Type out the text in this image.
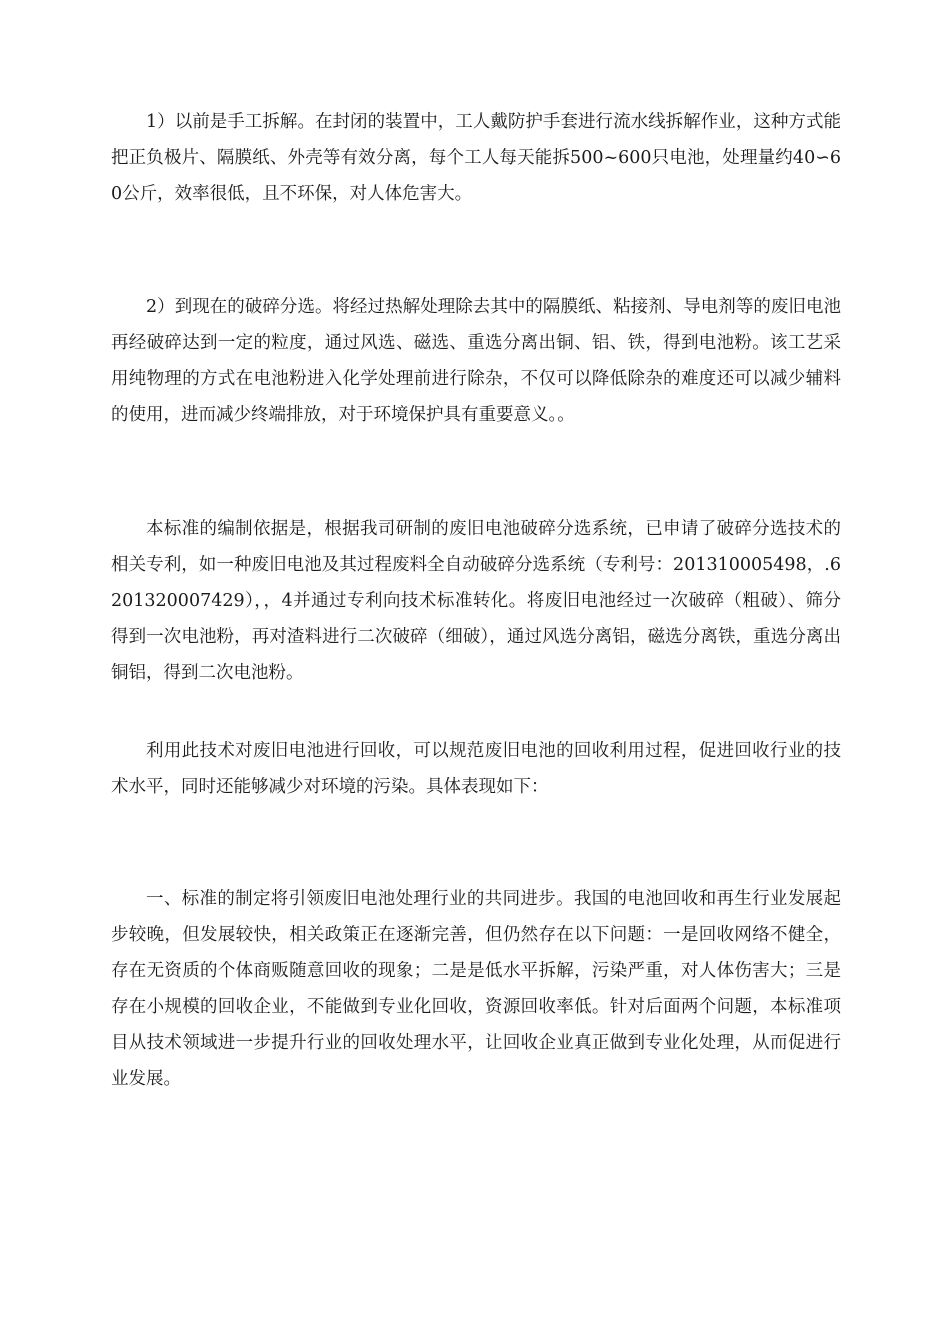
1）以前是手工拆解。在封闭的装置中，工人戴防护手套进行流水线拆解作业，这种方式能把正负极片、隔膜纸、外壳等有效分离，每个工人每天能拆500~600只电池，处理量约40∽60公斤，效率很低，且不环保，对人体危害大。

2）到现在的破碎分选。将经过热解处理除去其中的隔膜纸、粘接剂、导电剂等的废旧电池再经破碎达到一定的粒度，通过风选、磁选、重选分离出铜、铝、铁，得到电池粉。该工艺采用纯物理的方式在电池粉进入化学处理前进行除杂，不仅可以降低除杂的难度还可以减少辅料的使用，进而减少终端排放，对于环境保护具有重要意义。。

本标准的编制依据是，根据我司研制的废旧电池破碎分选系统，已申请了破碎分选技术的相关专利，如一种废旧电池及其过程废料全自动破碎分选系统（专利号：201310005498，.6201320007429），，4并通过专利向技术标准转化。将废旧电池经过一次破碎（粗破）、筛分得到一次电池粉，再对渣料进行二次破碎（细破），通过风选分离铝，磁选分离铁，重选分离出铜铝，得到二次电池粉。

利用此技术对废旧电池进行回收，可以规范废旧电池的回收利用过程，促进回收行业的技术水平，同时还能够减少对环境的污染。具体表现如下：

一、标准的制定将引领废旧电池处理行业的共同进步。我国的电池回收和再生行业发展起步较晚，但发展较快，相关政策正在逐渐完善，但仍然存在以下问题：一是回收网络不健全，存在无资质的个体商贩随意回收的现象；二是是低水平拆解，污染严重，对人体伤害大；三是存在小规模的回收企业，不能做到专业化回收，资源回收率低。针对后面两个问题，本标准项目从技术领域进一步提升行业的回收处理水平，让回收企业真正做到专业化处理，从而促进行业发展。
